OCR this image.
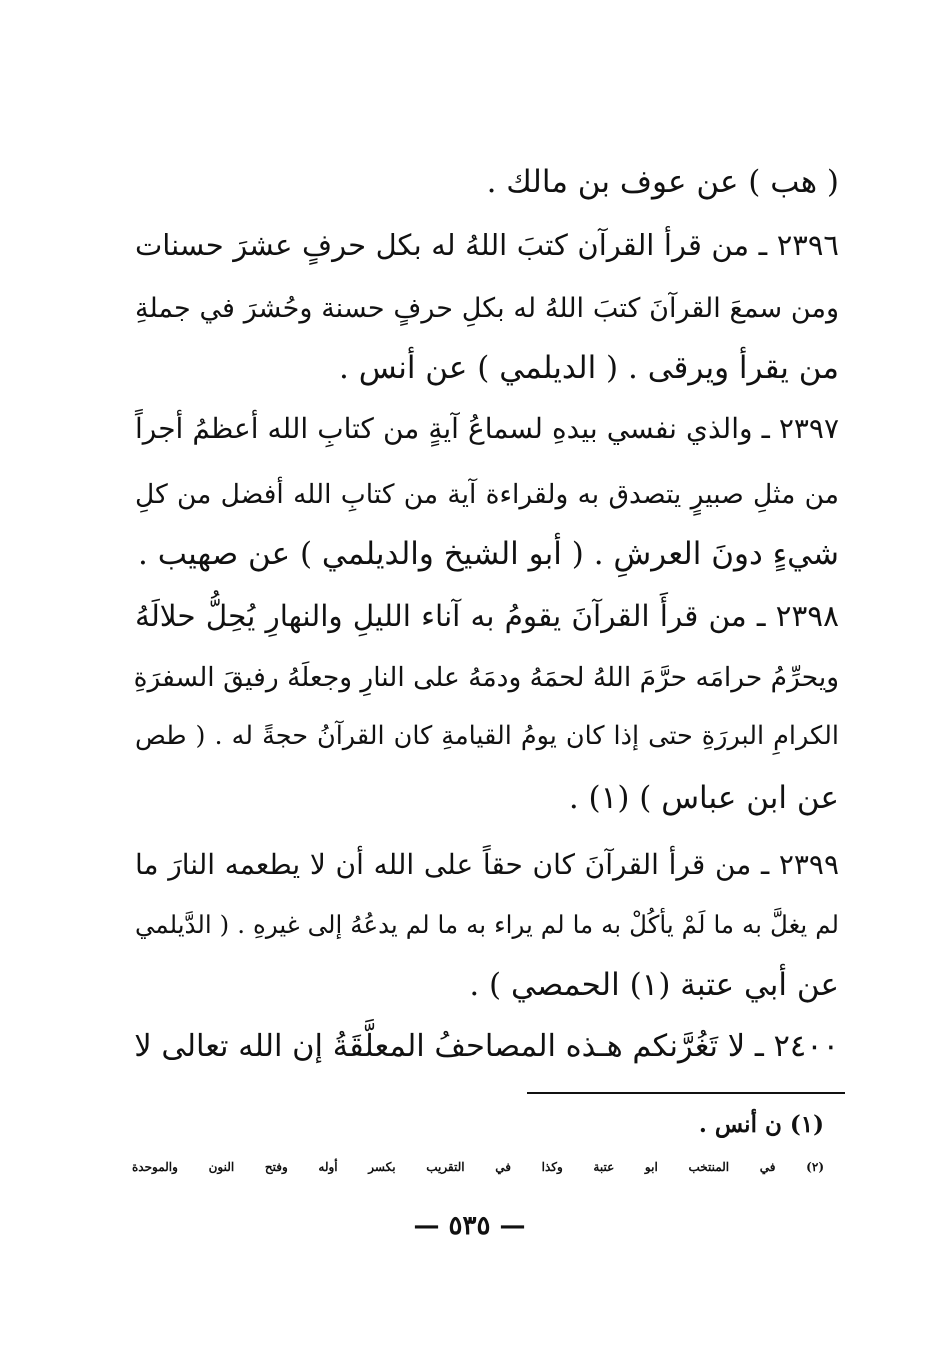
( هب ) عن عوف بن مالك .
٢٣٩٦ ـ من قرأ القرآن كتبَ اللهُ له بكل حرفٍ عشرَ حسنات
ومن سمعَ القرآنَ كتبَ اللهُ له بكلِ حرفٍ حسنة وحُشرَ في جملةِ
من يقرأ ويرقى . ( الديلمي ) عن أنس .
٢٣٩٧ ـ والذي نفسي بيدهِ لسماعُ آيةٍ من كتابِ الله أعظمُ أجراً
من مثلِ صبيرٍ يتصدق به ولقراءة آية من كتابِ الله أفضل من كلِ
شيءٍ دونَ العرشِ . ( أبو الشيخ والديلمي ) عن صهيب .
٢٣٩٨ ـ من قرأَ القرآنَ يقومُ به آناء الليلِ والنهارِ يُحِلُّ حلالَهُ
ويحرِّمُ حرامَه حرَّمَ اللهُ لحمَهُ ودمَهُ على النارِ وجعلَهُ رفيقَ السفرَةِ
الكرامِ البررَةِ حتى إذا كان يومُ القيامةِ كان القرآنُ حجةً له . ( طص
عن ابن عباس ) (١) .
٢٣٩٩ ـ من قرأ القرآنَ كان حقاً على الله أن لا يطعمه النارَ ما
لم يغلَّ به ما لَمْ يأكُلْ به ما لم يراء به ما لم يدعُهُ إلى غيرهِ . ( الدَّيلمي
عن أبي عتبة (١) الحمصي ) .
٢٤٠٠ ـ لا تَغُرَّنكم هـذه المصاحفُ المعلَّقَةُ إن الله تعالى لا
(١) ن أنس .
(٢) في المنتخب ابو عتبة وكذا في التقريب بكسر أوله وفتح النون والموحدة
— ٥٣٥ —
